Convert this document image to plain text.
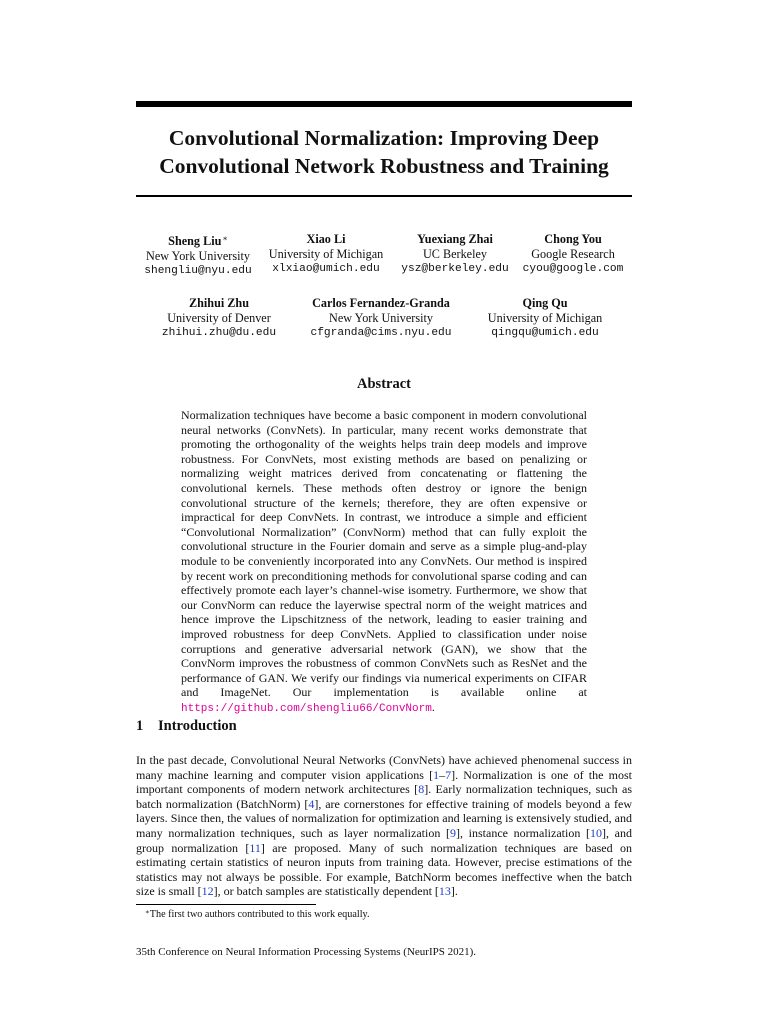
Convolutional Normalization: Improving Deep Convolutional Network Robustness and Training
Sheng Liu∗
New York University
shengliu@nyu.edu
Xiao Li
University of Michigan
xlxiao@umich.edu
Yuexiang Zhai
UC Berkeley
ysz@berkeley.edu
Chong You
Google Research
cyou@google.com
Zhihui Zhu
University of Denver
zhihui.zhu@du.edu
Carlos Fernandez-Granda
New York University
cfgranda@cims.nyu.edu
Qing Qu
University of Michigan
qingqu@umich.edu
Abstract

Normalization techniques have become a basic component in modern convolutional neural networks (ConvNets). In particular, many recent works demonstrate that promoting the orthogonality of the weights helps train deep models and improve robustness. For ConvNets, most existing methods are based on penalizing or normalizing weight matrices derived from concatenating or flattening the convolutional kernels. These methods often destroy or ignore the benign convolutional structure of the kernels; therefore, they are often expensive or impractical for deep ConvNets. In contrast, we introduce a simple and efficient “Convolutional Normalization” (ConvNorm) method that can fully exploit the convolutional structure in the Fourier domain and serve as a simple plug-and-play module to be conveniently incorporated into any ConvNets. Our method is inspired by recent work on preconditioning methods for convolutional sparse coding and can effectively promote each layer’s channel-wise isometry. Furthermore, we show that our ConvNorm can reduce the layerwise spectral norm of the weight matrices and hence improve the Lipschitzness of the network, leading to easier training and improved robustness for deep ConvNets. Applied to classification under noise corruptions and generative adversarial network (GAN), we show that the ConvNorm improves the robustness of common ConvNets such as ResNet and the performance of GAN. We verify our findings via numerical experiments on CIFAR and ImageNet. Our implementation is available online at https://github.com/shengliu66/ConvNorm.

1 Introduction

In the past decade, Convolutional Neural Networks (ConvNets) have achieved phenomenal success in many machine learning and computer vision applications [1–7]. Normalization is one of the most important components of modern network architectures [8]. Early normalization techniques, such as batch normalization (BatchNorm) [4], are cornerstones for effective training of models beyond a few layers. Since then, the values of normalization for optimization and learning is extensively studied, and many normalization techniques, such as layer normalization [9], instance normalization [10], and group normalization [11] are proposed. Many of such normalization techniques are based on estimating certain statistics of neuron inputs from training data. However, precise estimations of the statistics may not always be possible. For example, BatchNorm becomes ineffective when the batch size is small [12], or batch samples are statistically dependent [13].

∗The first two authors contributed to this work equally.

35th Conference on Neural Information Processing Systems (NeurIPS 2021).
